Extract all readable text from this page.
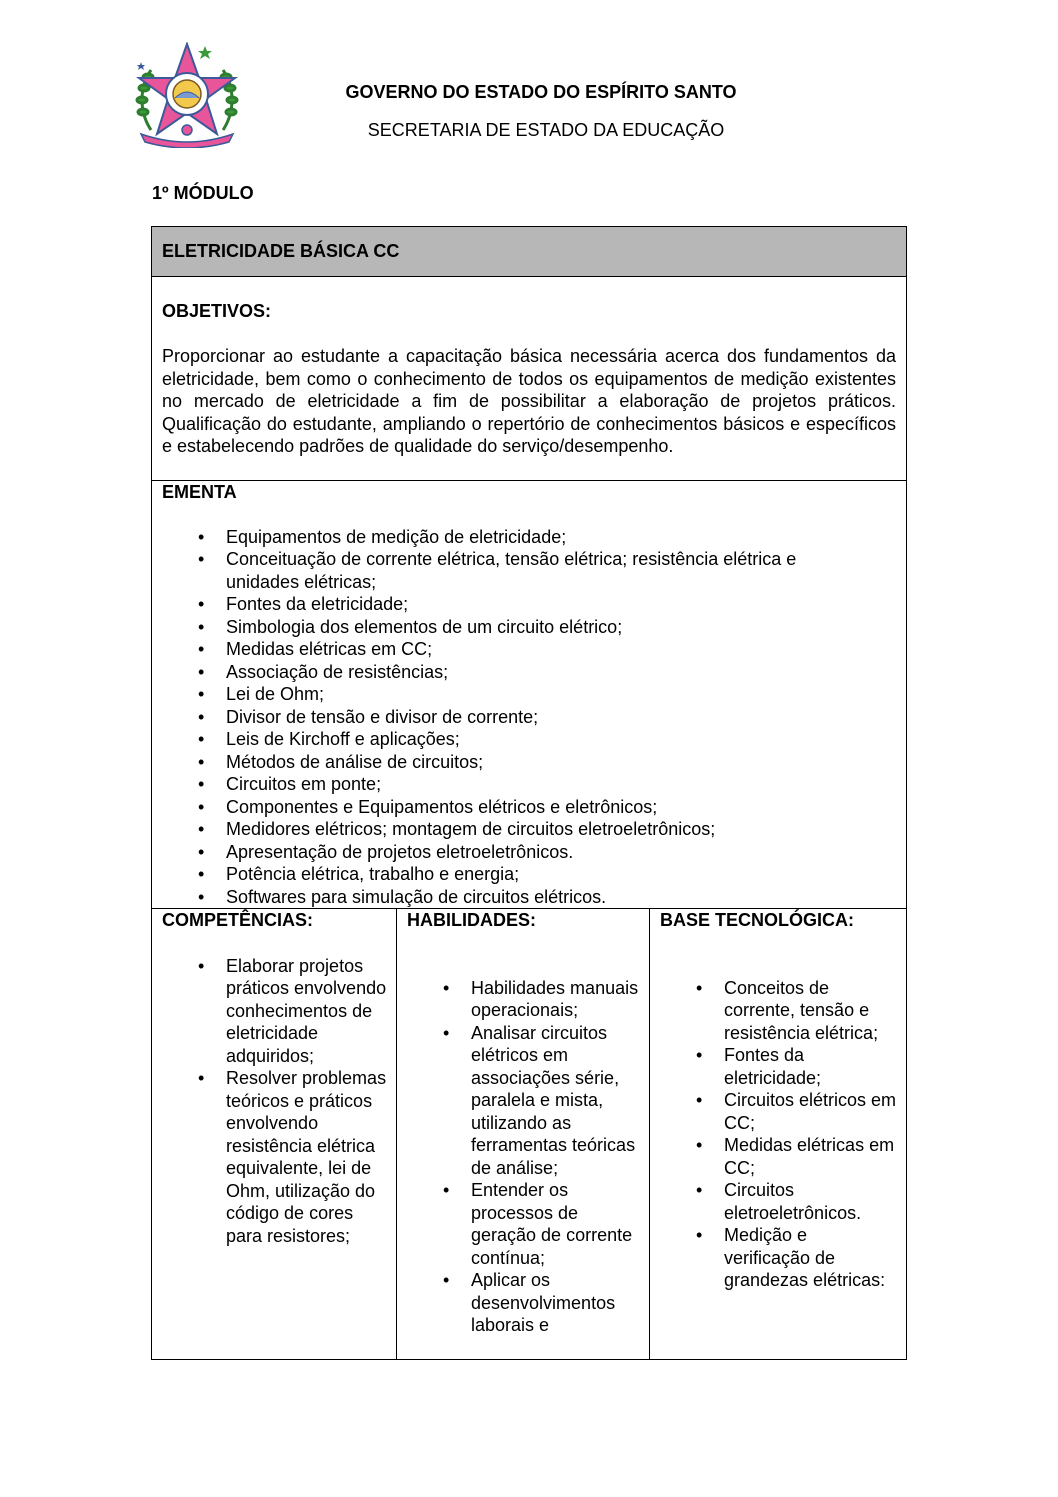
GOVERNO DO ESTADO DO ESPÍRITO SANTO
SECRETARIA DE ESTADO DA EDUCAÇÃO
1º MÓDULO
ELETRICIDADE BÁSICA CC
OBJETIVOS:
Proporcionar ao estudante a capacitação básica necessária acerca dos fundamentos da eletricidade, bem como o conhecimento de todos os equipamentos de medição existentes no mercado de eletricidade a fim de possibilitar a elaboração de projetos práticos. Qualificação do estudante, ampliando o repertório de conhecimentos básicos e específicos e estabelecendo padrões de qualidade do serviço/desempenho.
EMENTA
• Equipamentos de medição de eletricidade;
• Conceituação de corrente elétrica, tensão elétrica; resistência elétrica e unidades elétricas;
• Fontes da eletricidade;
• Simbologia dos elementos de um circuito elétrico;
• Medidas elétricas em CC;
• Associação de resistências;
• Lei de Ohm;
• Divisor de tensão e divisor de corrente;
• Leis de Kirchoff e aplicações;
• Métodos de análise de circuitos;
• Circuitos em ponte;
• Componentes e Equipamentos elétricos e eletrônicos;
• Medidores elétricos; montagem de circuitos eletroeletrônicos;
• Apresentação de projetos eletroeletrônicos.
• Potência elétrica, trabalho e energia;
• Softwares para simulação de circuitos elétricos.
COMPETÊNCIAS:
• Elaborar projetos práticos envolvendo conhecimentos de eletricidade adquiridos;
• Resolver problemas teóricos e práticos envolvendo resistência elétrica equivalente, lei de Ohm, utilização do código de cores para resistores;
HABILIDADES:
• Habilidades manuais operacionais;
• Analisar circuitos elétricos em associações série, paralela e mista, utilizando as ferramentas teóricas de análise;
• Entender os processos de geração de corrente contínua;
• Aplicar os desenvolvimentos laborais e
BASE TECNOLÓGICA:
• Conceitos de corrente, tensão e resistência elétrica;
• Fontes da eletricidade;
• Circuitos elétricos em CC;
• Medidas elétricas em CC;
• Circuitos eletroeletrônicos.
• Medição e verificação de grandezas elétricas:
